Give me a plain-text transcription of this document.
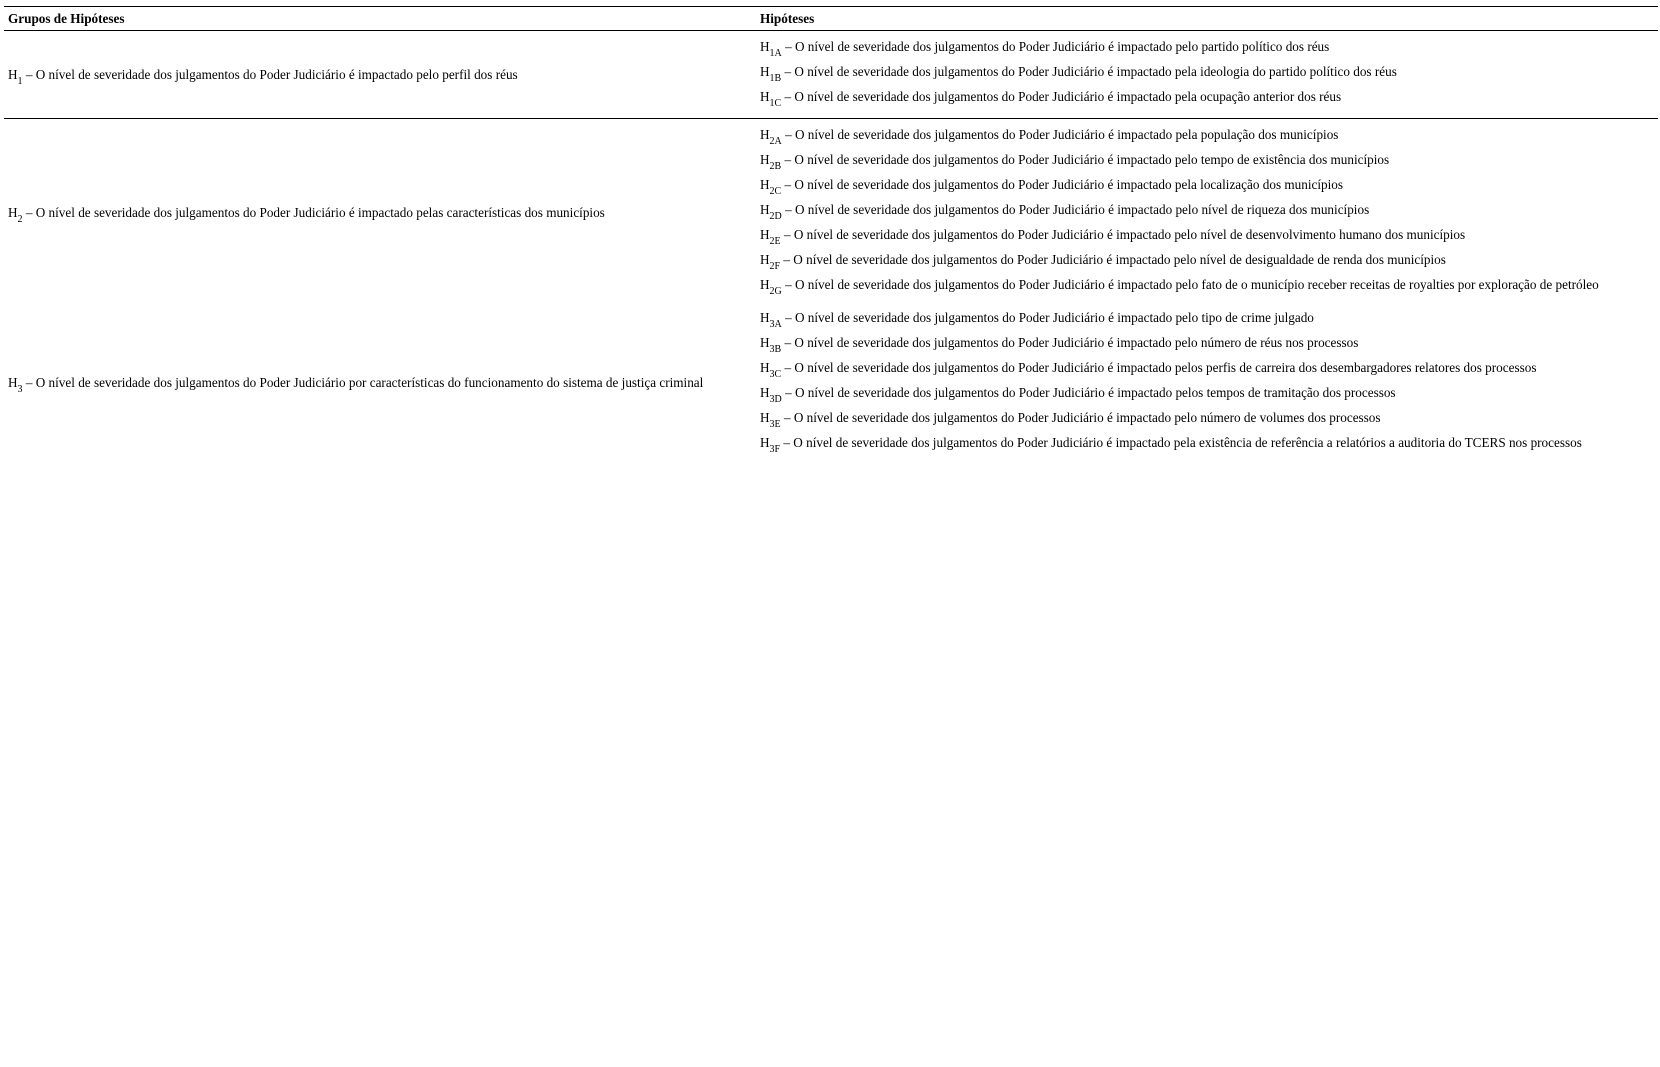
Grupos de Hipóteses	Hipóteses
$H_1$ – O nível de severidade dos julgamentos do Poder Judiciário é impactado pelo perfil dos réus
$H_{1A}$ – O nível de severidade dos julgamentos do Poder Judiciário é impactado pelo partido político dos réus
$H_{1B}$ – O nível de severidade dos julgamentos do Poder Judiciário é impactado pela ideologia do partido político dos réus
$H_{1C}$ – O nível de severidade dos julgamentos do Poder Judiciário é impactado pela ocupação anterior dos réus
$H_2$ – O nível de severidade dos julgamentos do Poder Judiciário é impactado pelas características dos municípios
$H_{2A}$ – O nível de severidade dos julgamentos do Poder Judiciário é impactado pela população dos municípios
$H_{2B}$ – O nível de severidade dos julgamentos do Poder Judiciário é impactado pelo tempo de existência dos municípios
$H_{2C}$ – O nível de severidade dos julgamentos do Poder Judiciário é impactado pela localização dos municípios
$H_{2D}$ – O nível de severidade dos julgamentos do Poder Judiciário é impactado pelo nível de riqueza dos municípios
$H_{2E}$ – O nível de severidade dos julgamentos do Poder Judiciário é impactado pelo nível de desenvolvimento humano dos municípios
$H_{2F}$ – O nível de severidade dos julgamentos do Poder Judiciário é impactado pelo nível de desigualdade de renda dos municípios
$H_{2G}$ – O nível de severidade dos julgamentos do Poder Judiciário é impactado pelo fato de o município receber receitas de royalties por exploração de petróleo
$H_3$ – O nível de severidade dos julgamentos do Poder Judiciário por características do funcionamento do sistema de justiça criminal
$H_{3A}$ – O nível de severidade dos julgamentos do Poder Judiciário é impactado pelo tipo de crime julgado
$H_{3B}$ – O nível de severidade dos julgamentos do Poder Judiciário é impactado pelo número de réus nos processos
$H_{3C}$ – O nível de severidade dos julgamentos do Poder Judiciário é impactado pelos perfis de carreira dos desembargadores relatores dos processos
$H_{3D}$ – O nível de severidade dos julgamentos do Poder Judiciário é impactado pelos tempos de tramitação dos processos
$H_{3E}$ – O nível de severidade dos julgamentos do Poder Judiciário é impactado pelo número de volumes dos processos
$H_{3F}$ – O nível de severidade dos julgamentos do Poder Judiciário é impactado pela existência de referência a relatórios a auditoria do TCERS nos processos
